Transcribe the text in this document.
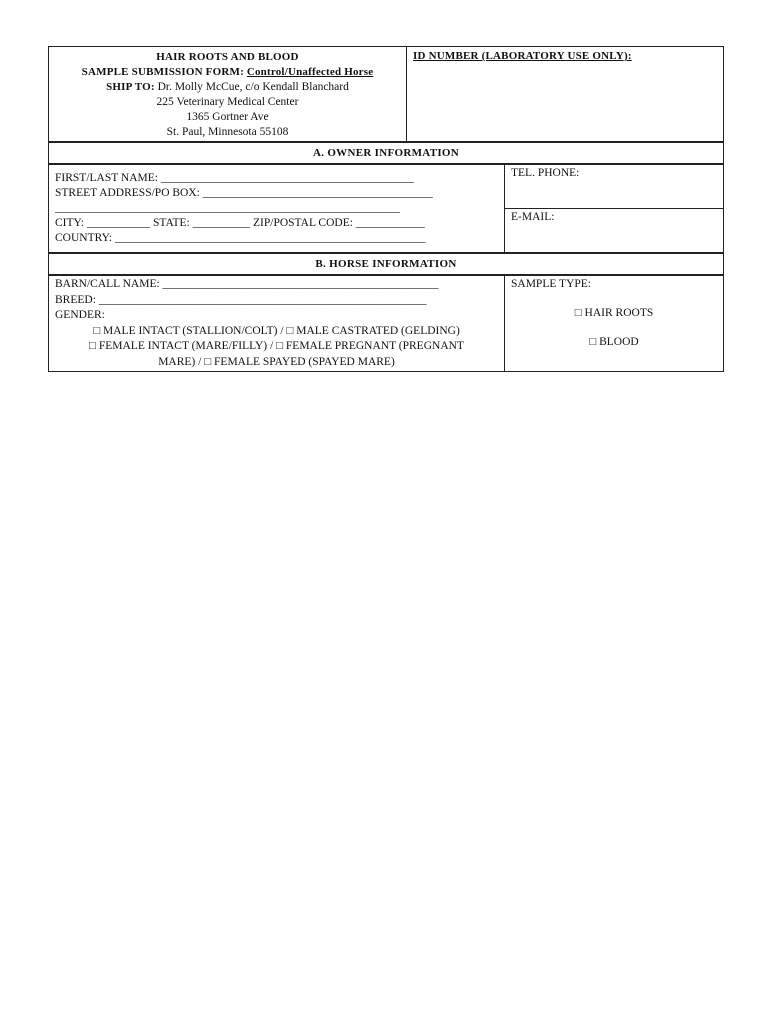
HAIR ROOTS AND BLOOD
SAMPLE SUBMISSION FORM: Control/Unaffected Horse
SHIP TO: Dr. Molly McCue, c/o Kendall Blanchard
225 Veterinary Medical Center
1365 Gortner Ave
St. Paul, Minnesota 55108
ID NUMBER (LABORATORY USE ONLY):
A. OWNER INFORMATION
FIRST/LAST NAME: ____________________________________________
STREET ADDRESS/PO BOX: ________________________________________
____________________________________________________________
CITY: ___________ STATE: __________ ZIP/POSTAL CODE: ____________
COUNTRY: ______________________________________________________
TEL. PHONE:
E-MAIL:
B. HORSE INFORMATION
BARN/CALL NAME: ________________________________________________
BREED: _________________________________________________________
GENDER:
□ MALE INTACT (STALLION/COLT) / □ MALE CASTRATED (GELDING)
□ FEMALE INTACT (MARE/FILLY) / □ FEMALE PREGNANT (PREGNANT
MARE) / □ FEMALE SPAYED (SPAYED MARE)
SAMPLE TYPE:
□ HAIR ROOTS
□ BLOOD
